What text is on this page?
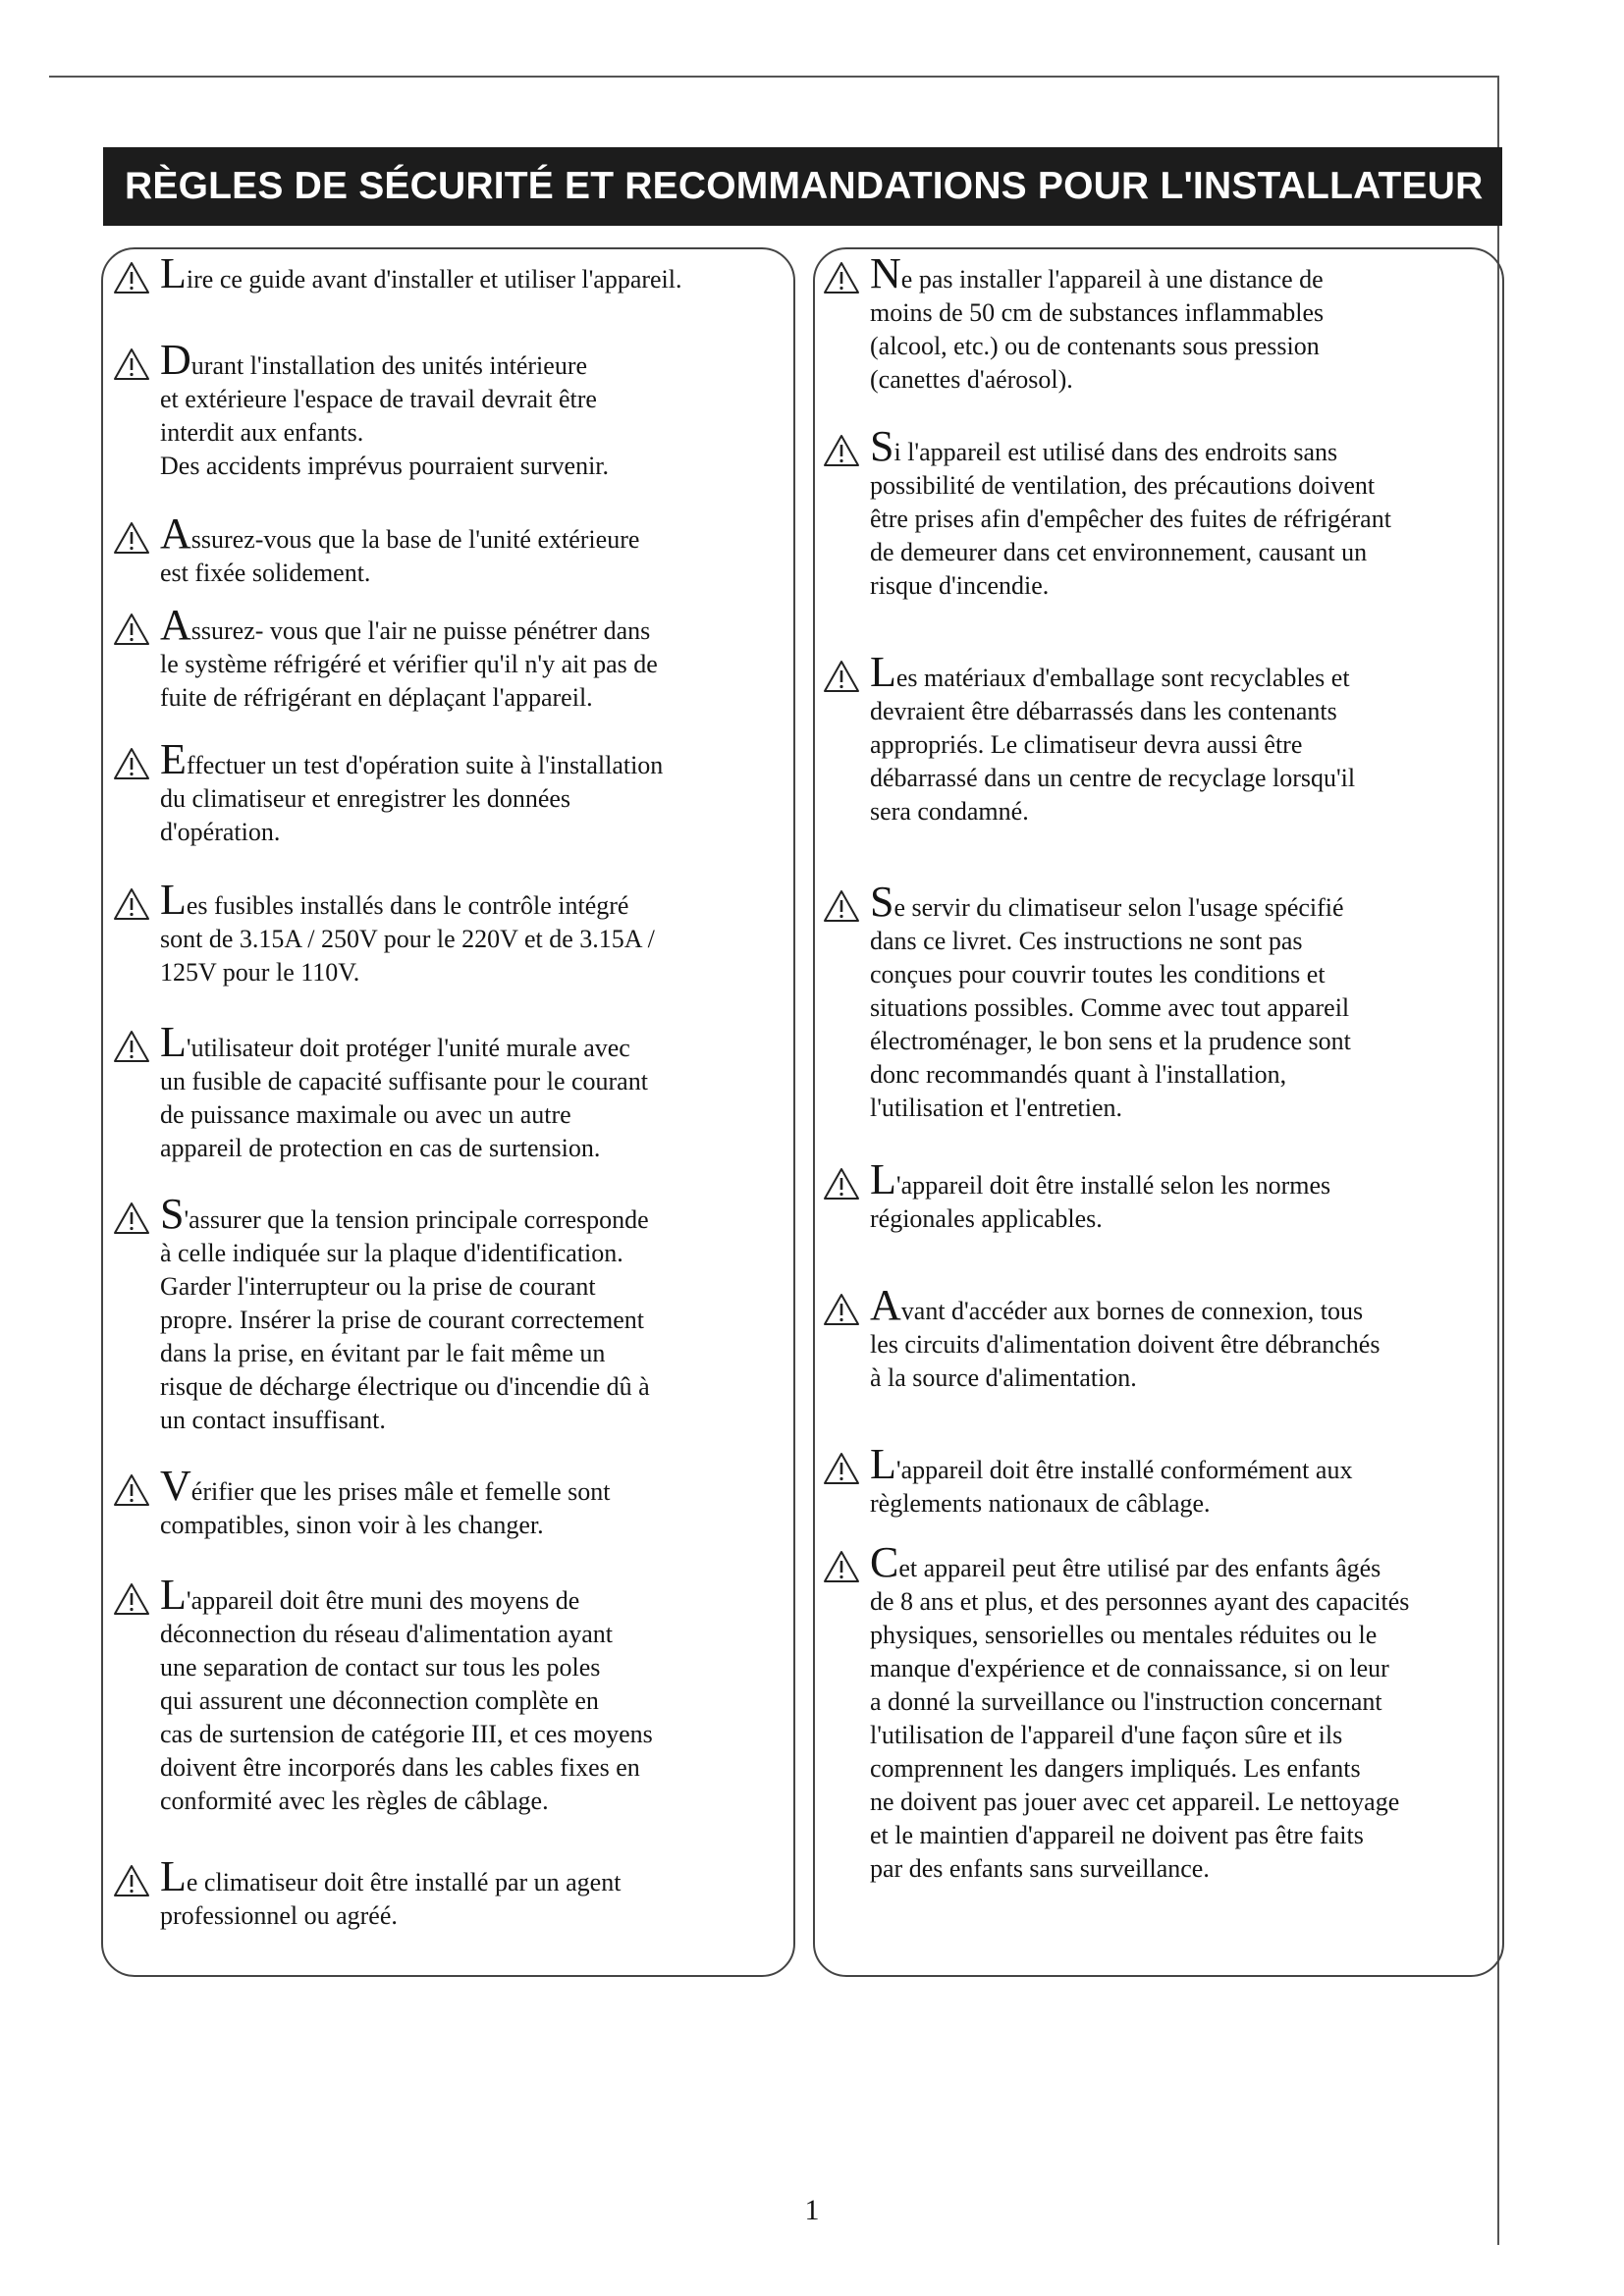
RÈGLES DE SÉCURITÉ ET RECOMMANDATIONS POUR L'INSTALLATEUR
Lire ce guide avant d'installer et utiliser l'appareil.
Durant l'installation des unités intérieure
et extérieure l'espace de travail devrait être
interdit aux enfants.
Des accidents imprévus pourraient survenir.
Assurez-vous que la base de l'unité extérieure
est fixée solidement.
Assurez- vous que l'air ne puisse pénétrer dans
le système réfrigéré et vérifier qu'il n'y ait pas de
fuite de réfrigérant en déplaçant l'appareil.
Effectuer un test d'opération suite à l'installation
du climatiseur et enregistrer les données
d'opération.
Les fusibles installés dans le contrôle intégré
sont de 3.15A / 250V pour le 220V et de 3.15A /
125V pour le 110V.
L'utilisateur doit protéger l'unité murale avec
un fusible de capacité suffisante pour le courant
de puissance maximale ou avec un autre
appareil de protection en cas de surtension.
S'assurer que la tension principale corresponde
à celle indiquée sur la plaque d'identification.
Garder l'interrupteur ou la prise de courant
propre. Insérer la prise de courant correctement
dans la prise, en évitant par le fait même un
risque de décharge électrique ou d'incendie dû à
un contact insuffisant.
Vérifier que les prises mâle et femelle sont
compatibles, sinon voir à les changer.
L'appareil doit être muni des moyens de
déconnection du réseau d'alimentation ayant
une separation de contact sur tous les poles
qui assurent une déconnection complète en
cas de surtension de catégorie III, et ces moyens
doivent être incorporés dans les cables fixes en
conformité avec les règles de câblage.
Le climatiseur doit être installé par un agent
professionnel ou agréé.
Ne pas installer l'appareil à une distance de
moins de 50 cm de substances inflammables
(alcool, etc.) ou de contenants sous pression
(canettes d'aérosol).
Si l'appareil est utilisé dans des endroits sans
possibilité de ventilation, des précautions doivent
être prises afin d'empêcher des fuites de réfrigérant
de demeurer dans cet environnement, causant un
risque d'incendie.
Les matériaux d'emballage sont recyclables et
devraient être débarrassés dans les contenants
appropriés. Le climatiseur devra aussi être
débarrassé dans un centre de recyclage lorsqu'il
sera condamné.
Se servir du climatiseur selon l'usage spécifié
dans ce livret. Ces instructions ne sont pas
conçues pour couvrir toutes les conditions et
situations possibles. Comme avec tout appareil
électroménager, le bon sens et la prudence sont
donc recommandés quant à l'installation,
l'utilisation et l'entretien.
L'appareil doit être installé selon les normes
régionales applicables.
Avant d'accéder aux bornes de connexion, tous
les circuits d'alimentation doivent être débranchés
à la source d'alimentation.
L'appareil doit être installé conformément aux
règlements nationaux de câblage.
Cet appareil peut être utilisé par des enfants âgés
de 8 ans et plus, et des personnes ayant des capacités
physiques, sensorielles ou mentales réduites ou le
manque d'expérience et de connaissance, si on leur
a donné la surveillance ou l'instruction concernant
l'utilisation de l'appareil d'une façon sûre et ils
comprennent les dangers impliqués. Les enfants
ne doivent pas jouer avec cet appareil. Le nettoyage
et le maintien d'appareil ne doivent pas être faits
par des enfants sans surveillance.
1
